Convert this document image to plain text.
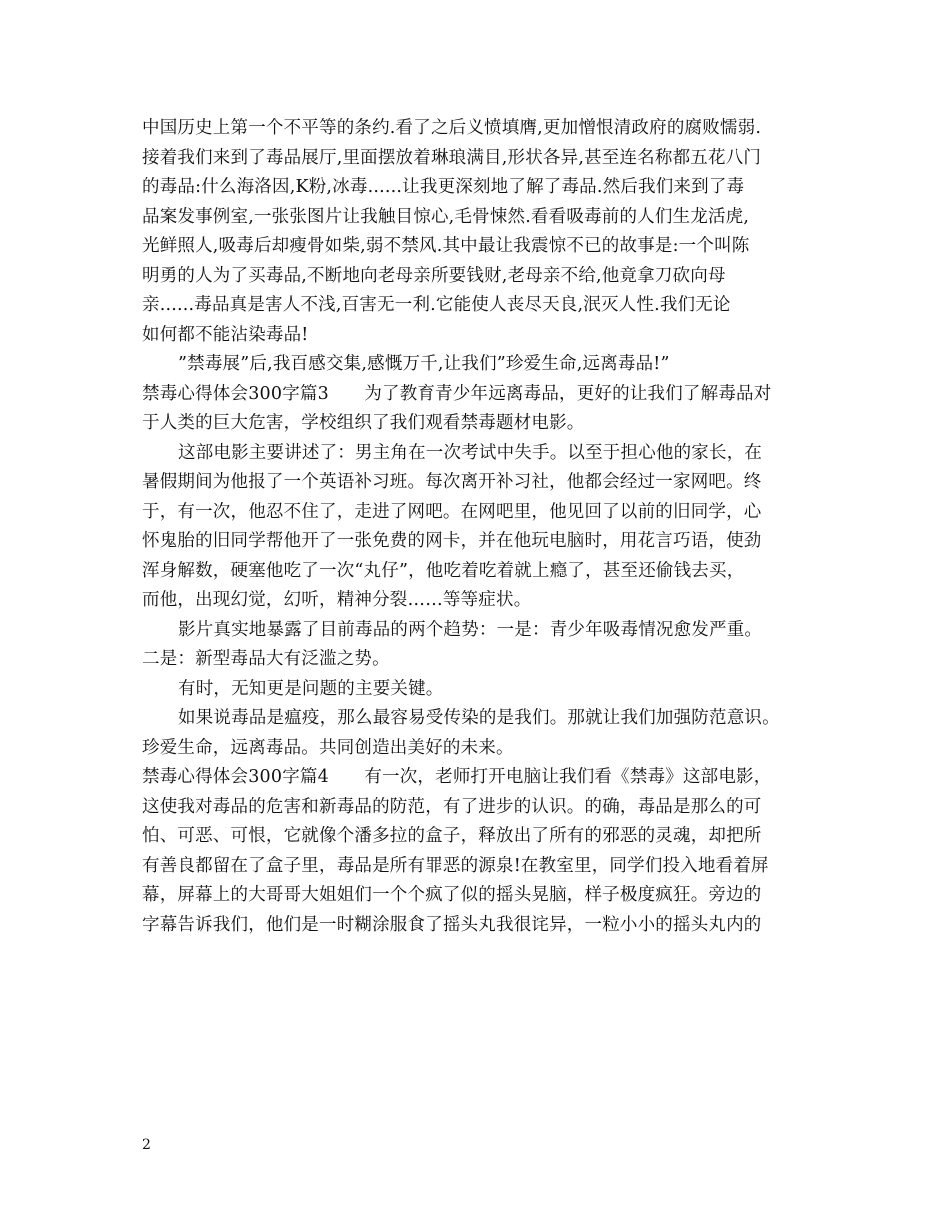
中国历史上第一个不平等的条约.看了之后义愤填膺,更加憎恨清政府的腐败懦弱.
接着我们来到了毒品展厅,里面摆放着琳琅满目,形状各异,甚至连名称都五花八门
的毒品:什么海洛因,K粉,冰毒......让我更深刻地了解了毒品.然后我们来到了毒
品案发事例室,一张张图片让我触目惊心,毛骨悚然.看看吸毒前的人们生龙活虎,
光鲜照人,吸毒后却瘦骨如柴,弱不禁风.其中最让我震惊不已的故事是:一个叫陈
明勇的人为了买毒品,不断地向老母亲所要钱财,老母亲不给,他竟拿刀砍向母
亲......毒品真是害人不浅,百害无一利.它能使人丧尽天良,泯灭人性.我们无论
如何都不能沾染毒品!
”禁毒展”后,我百感交集,感慨万千,让我们”珍爱生命,远离毒品!”
禁毒心得体会300字篇3　　为了教育青少年远离毒品，更好的让我们了解毒品对
于人类的巨大危害，学校组织了我们观看禁毒题材电影。
这部电影主要讲述了：男主角在一次考试中失手。以至于担心他的家长，在
暑假期间为他报了一个英语补习班。每次离开补习社，他都会经过一家网吧。终
于，有一次，他忍不住了，走进了网吧。在网吧里，他见回了以前的旧同学，心
怀鬼胎的旧同学帮他开了一张免费的网卡，并在他玩电脑时，用花言巧语，使劲
浑身解数，硬塞他吃了一次“丸仔”，他吃着吃着就上瘾了，甚至还偷钱去买，
而他，出现幻觉，幻听，精神分裂……等等症状。
影片真实地暴露了目前毒品的两个趋势：一是：青少年吸毒情况愈发严重。
二是：新型毒品大有泛滥之势。
有时，无知更是问题的主要关键。
如果说毒品是瘟疫，那么最容易受传染的是我们。那就让我们加强防范意识。
珍爱生命，远离毒品。共同创造出美好的未来。
禁毒心得体会300字篇4　　有一次，老师打开电脑让我们看《禁毒》这部电影，
这使我对毒品的危害和新毒品的防范，有了进步的认识。的确，毒品是那么的可
怕、可恶、可恨，它就像个潘多拉的盒子，释放出了所有的邪恶的灵魂，却把所
有善良都留在了盒子里，毒品是所有罪恶的源泉!在教室里，同学们投入地看着屏
幕，屏幕上的大哥哥大姐姐们一个个疯了似的摇头晃脑，样子极度疯狂。旁边的
字幕告诉我们，他们是一时糊涂服食了摇头丸我很诧异，一粒小小的摇头丸内的
2
